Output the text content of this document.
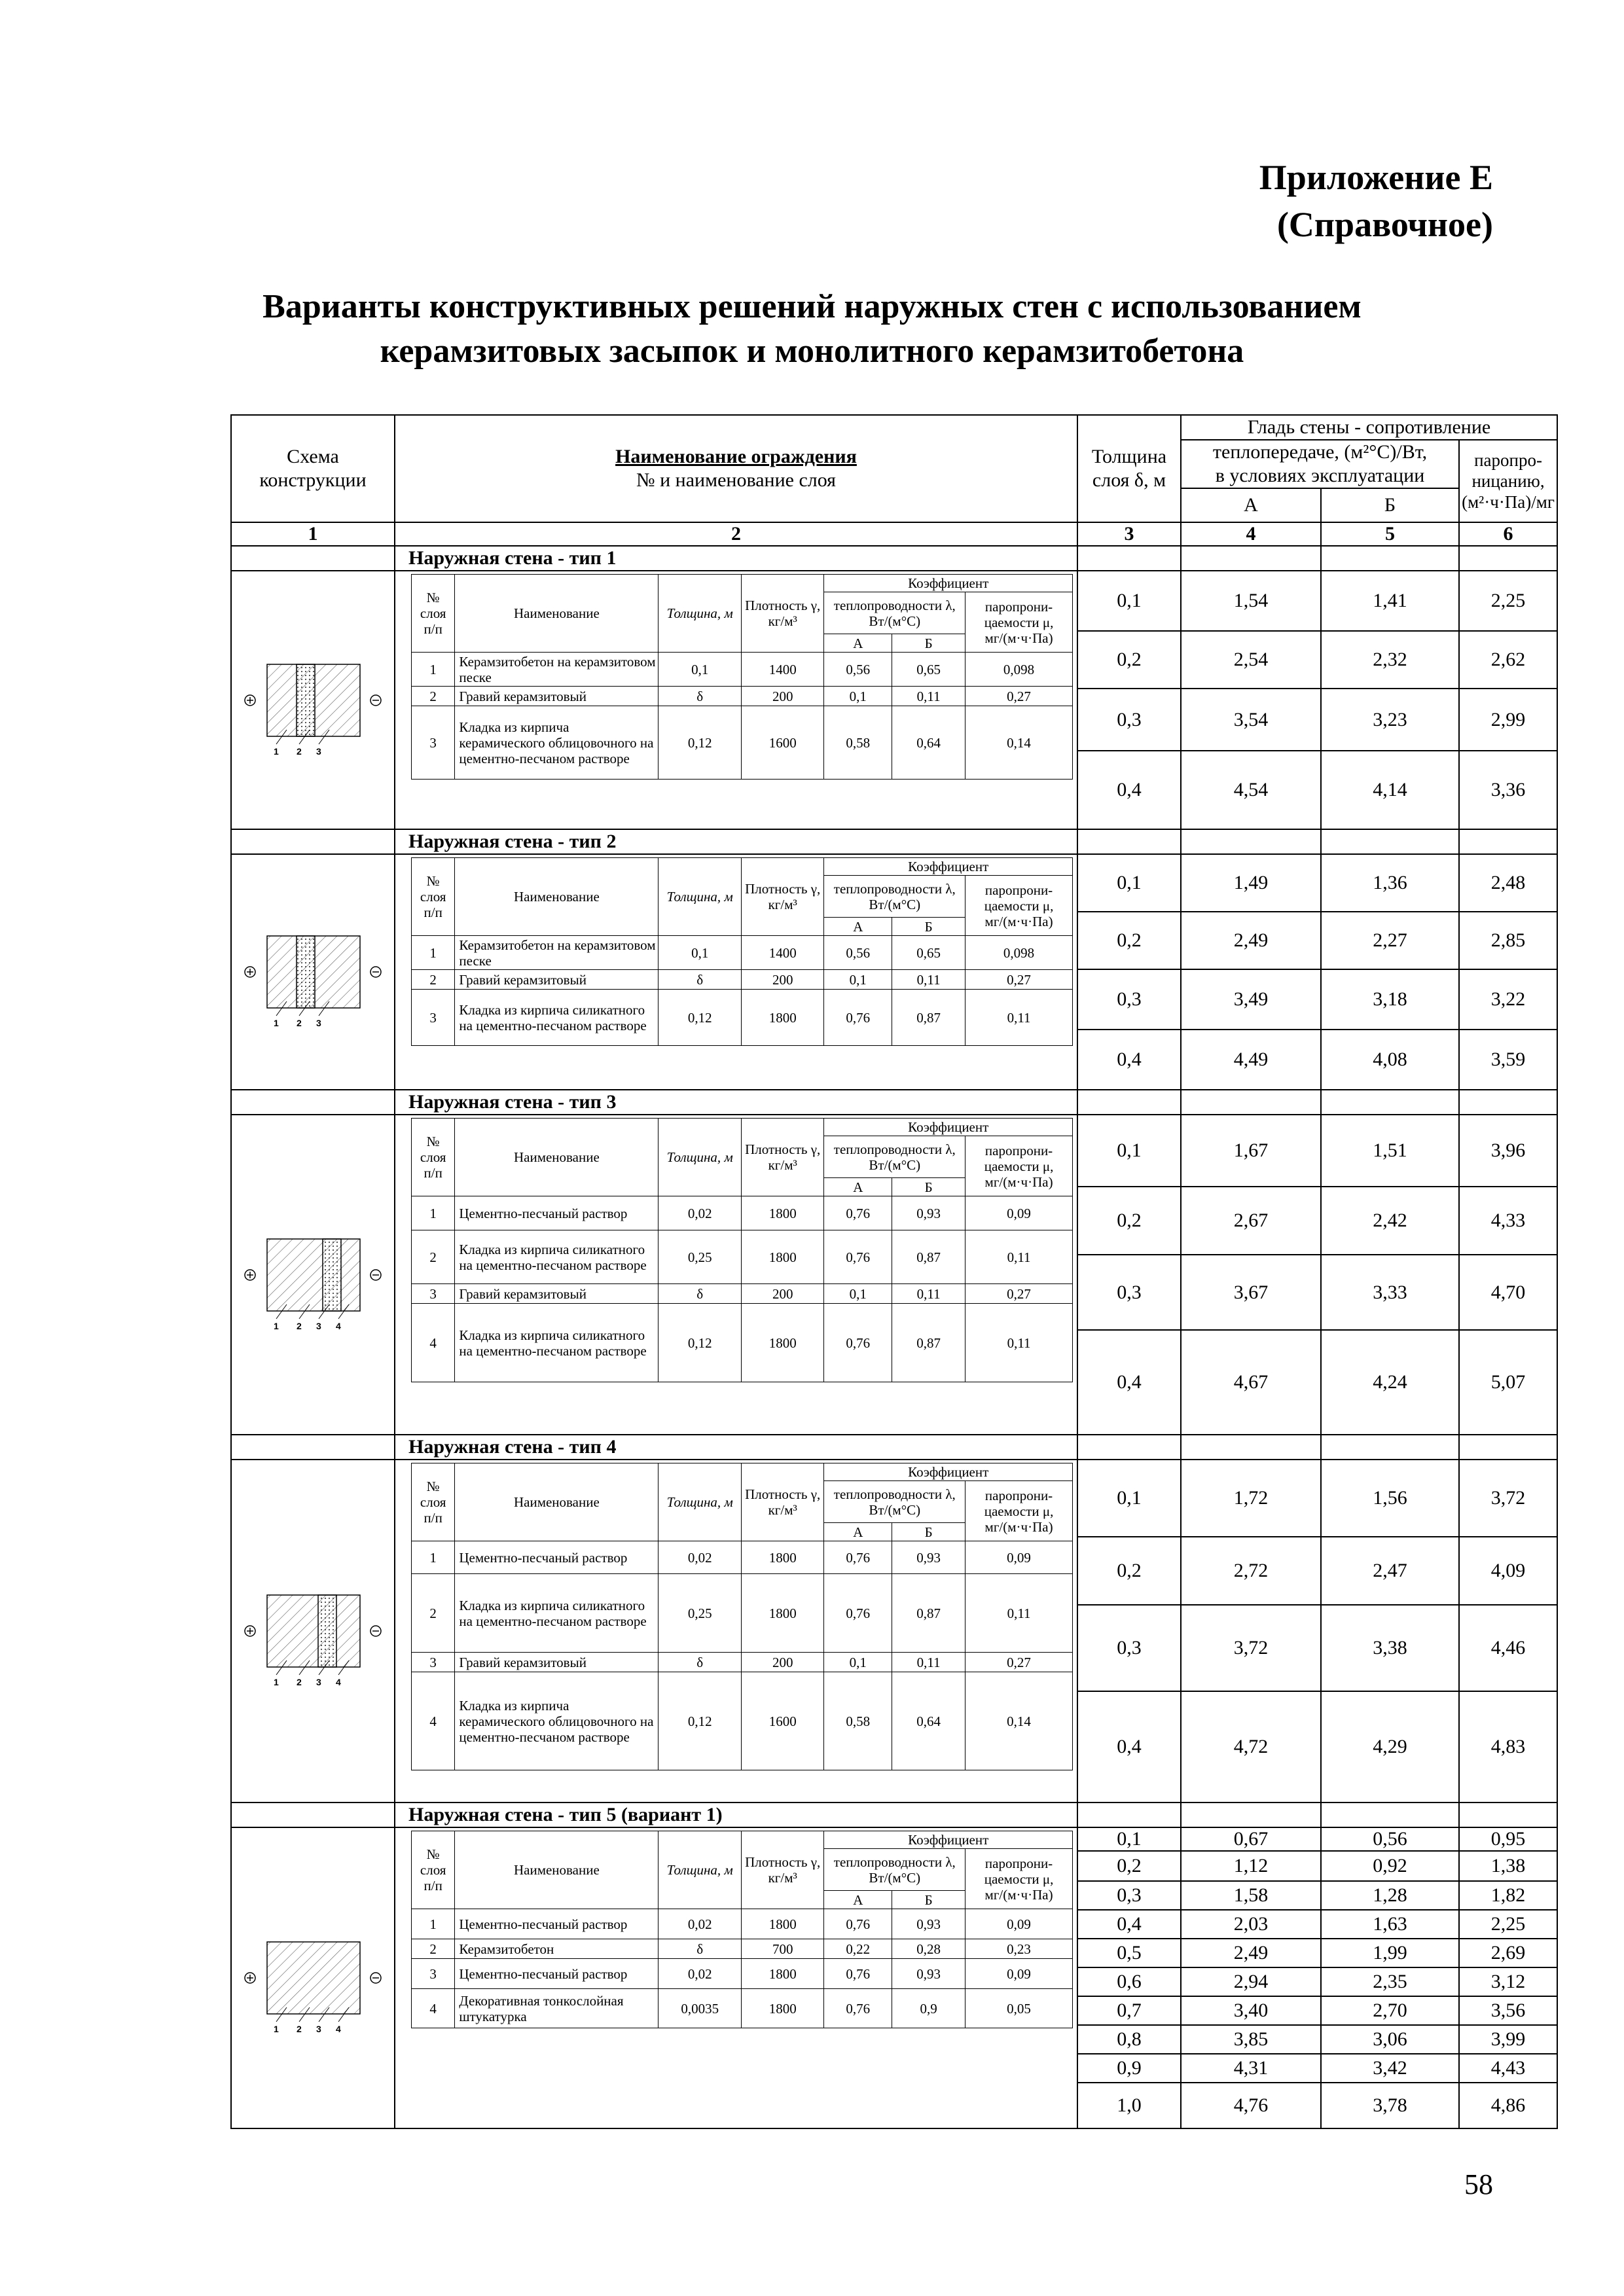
Приложение Е
(Справочное)
Варианты конструктивных решений наружных стен с использованием
керамзитовых засыпок и монолитного керамзитобетона
Схема конструкции	
Наименование ограждения
№ и наименование слоя
	Толщина слоя δ, м	Гладь стены - сопротивление

теплопередаче, (м²°С)/Вт,
в условиях эксплуатации
	паропро-ницанию, (м²·ч·Па)/мг
А	Б
1	2	3	4	5	6
	Наружная стена - тип 1				

1 2 3

№ слоя п/п	Наименование	Толщина, м	Плотность γ, кг/м³	Коэффициент
теплопроводности λ, Вт/(м°С)	паропрони-цаемости μ, мг/(м·ч·Па)
А	Б
1	Керамзитобетон на керамзитовом песке	0,1	1400	0,56	0,65	0,098
2	Гравий керамзитовый	δ	200	0,1	0,11	0,27
3	Кладка из кирпича керамического облицовочного на цементно-песчаном растворе	0,12	1600	0,58	0,64	0,14
	0,1	1,54	1,41	2,25
0,2	2,54	2,32	2,62
0,3	3,54	3,23	2,99
0,4	4,54	4,14	3,36
	Наружная стена - тип 2				

1 2 3

№ слоя п/п	Наименование	Толщина, м	Плотность γ, кг/м³	Коэффициент
теплопроводности λ, Вт/(м°С)	паропрони-цаемости μ, мг/(м·ч·Па)
А	Б
1	Керамзитобетон на керамзитовом песке	0,1	1400	0,56	0,65	0,098
2	Гравий керамзитовый	δ	200	0,1	0,11	0,27
3	Кладка из кирпича силикатного на цементно-песчаном растворе	0,12	1800	0,76	0,87	0,11
	0,1	1,49	1,36	2,48
0,2	2,49	2,27	2,85
0,3	3,49	3,18	3,22
0,4	4,49	4,08	3,59
	Наружная стена - тип 3				

1 2 3 4

№ слоя п/п	Наименование	Толщина, м	Плотность γ, кг/м³	Коэффициент
теплопроводности λ, Вт/(м°С)	паропрони-цаемости μ, мг/(м·ч·Па)
А	Б
1	Цементно-песчаный раствор	0,02	1800	0,76	0,93	0,09
2	Кладка из кирпича силикатного на цементно-песчаном растворе	0,25	1800	0,76	0,87	0,11
3	Гравий керамзитовый	δ	200	0,1	0,11	0,27
4	Кладка из кирпича силикатного на цементно-песчаном растворе	0,12	1800	0,76	0,87	0,11
	0,1	1,67	1,51	3,96
0,2	2,67	2,42	4,33
0,3	3,67	3,33	4,70
0,4	4,67	4,24	5,07
	Наружная стена - тип 4				

1 2 3 4

№ слоя п/п	Наименование	Толщина, м	Плотность γ, кг/м³	Коэффициент
теплопроводности λ, Вт/(м°С)	паропрони-цаемости μ, мг/(м·ч·Па)
А	Б
1	Цементно-песчаный раствор	0,02	1800	0,76	0,93	0,09
2	Кладка из кирпича силикатного на цементно-песчаном растворе	0,25	1800	0,76	0,87	0,11
3	Гравий керамзитовый	δ	200	0,1	0,11	0,27
4	Кладка из кирпича керамического облицовочного на цементно-песчаном растворе	0,12	1600	0,58	0,64	0,14
	0,1	1,72	1,56	3,72
0,2	2,72	2,47	4,09
0,3	3,72	3,38	4,46
0,4	4,72	4,29	4,83
	Наружная стена - тип 5 (вариант 1)				

1 2 3 4

№ слоя п/п	Наименование	Толщина, м	Плотность γ, кг/м³	Коэффициент
теплопроводности λ, Вт/(м°С)	паропрони-цаемости μ, мг/(м·ч·Па)
А	Б
1	Цементно-песчаный раствор	0,02	1800	0,76	0,93	0,09
2	Керамзитобетон	δ	700	0,22	0,28	0,23
3	Цементно-песчаный раствор	0,02	1800	0,76	0,93	0,09
4	Декоративная тонкослойная штукатурка	0,0035	1800	0,76	0,9	0,05
	0,1	0,67	0,56	0,95
0,2	1,12	0,92	1,38
0,3	1,58	1,28	1,82
0,4	2,03	1,63	2,25
0,5	2,49	1,99	2,69
0,6	2,94	2,35	3,12
0,7	3,40	2,70	3,56
0,8	3,85	3,06	3,99
0,9	4,31	3,42	4,43
1,0	4,76	3,78	4,86
58
